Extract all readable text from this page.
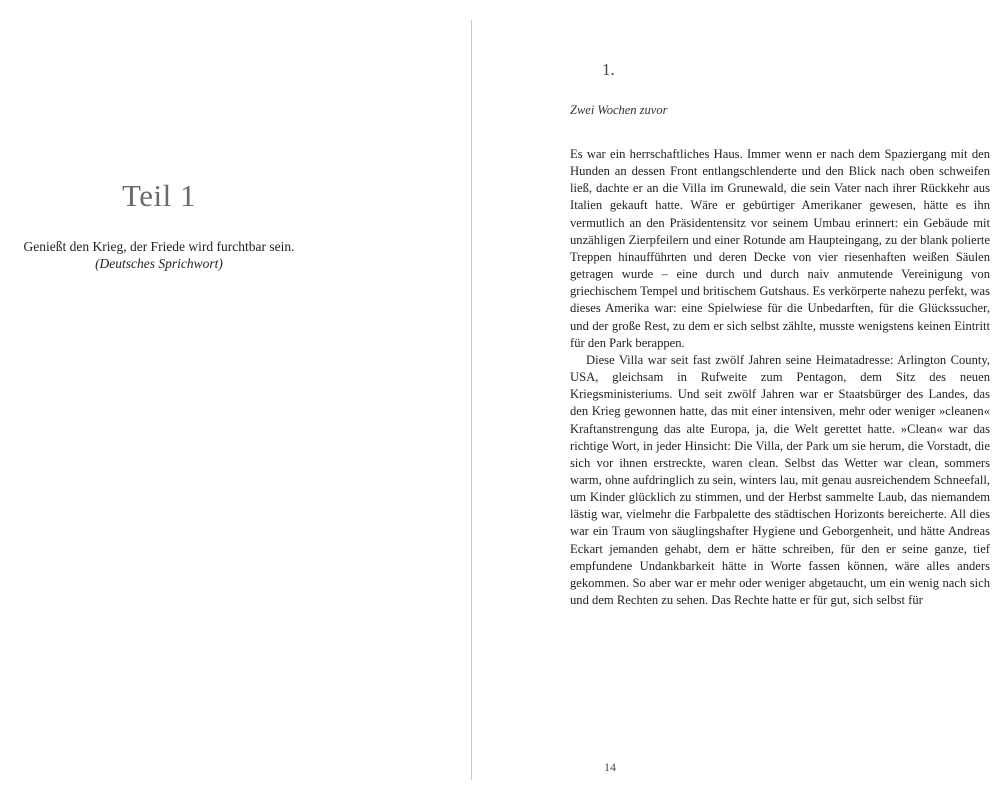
Teil 1
Genießt den Krieg, der Friede wird furchtbar sein.
(Deutsches Sprichwort)
1.
Zwei Wochen zuvor

Es war ein herrschaftliches Haus. Immer wenn er nach dem Spaziergang mit den Hunden an dessen Front entlangschlenderte und den Blick nach oben schweifen ließ, dachte er an die Villa im Grunewald, die sein Vater nach ihrer Rückkehr aus Italien gekauft hatte. Wäre er gebürtiger Amerikaner gewesen, hätte es ihn vermutlich an den Präsidentensitz vor seinem Umbau erinnert: ein Gebäude mit unzähligen Zierpfeilern und einer Rotunde am Haupteingang, zu der blank polierte Treppen hinaufführten und deren Decke von vier riesenhaften weißen Säulen getragen wurde – eine durch und durch naiv anmutende Vereinigung von griechischem Tempel und britischem Gutshaus. Es verkörperte nahezu perfekt, was dieses Amerika war: eine Spielwiese für die Unbedarften, für die Glückssucher, und der große Rest, zu dem er sich selbst zählte, musste wenigstens keinen Eintritt für den Park berappen.

Diese Villa war seit fast zwölf Jahren seine Heimatadresse: Arlington County, USA, gleichsam in Rufweite zum Pentagon, dem Sitz des neuen Kriegsministeriums. Und seit zwölf Jahren war er Staatsbürger des Landes, das den Krieg gewonnen hatte, das mit einer intensiven, mehr oder weniger »cleanen« Kraftanstrengung das alte Europa, ja, die Welt gerettet hatte. »Clean« war das richtige Wort, in jeder Hinsicht: Die Villa, der Park um sie herum, die Vorstadt, die sich vor ihnen erstreckte, waren clean. Selbst das Wetter war clean, sommers warm, ohne aufdringlich zu sein, winters lau, mit genau ausreichendem Schneefall, um Kinder glücklich zu stimmen, und der Herbst sammelte Laub, das niemandem lästig war, vielmehr die Farbpalette des städtischen Horizonts bereicherte. All dies war ein Traum von säuglingshafter Hygiene und Geborgenheit, und hätte Andreas Eckart jemanden gehabt, dem er hätte schreiben, für den er seine ganze, tief empfundene Undankbarkeit hätte in Worte fassen können, wäre alles anders gekommen. So aber war er mehr oder weniger abgetaucht, um ein wenig nach sich und dem Rechten zu sehen. Das Rechte hatte er für gut, sich selbst für

14
